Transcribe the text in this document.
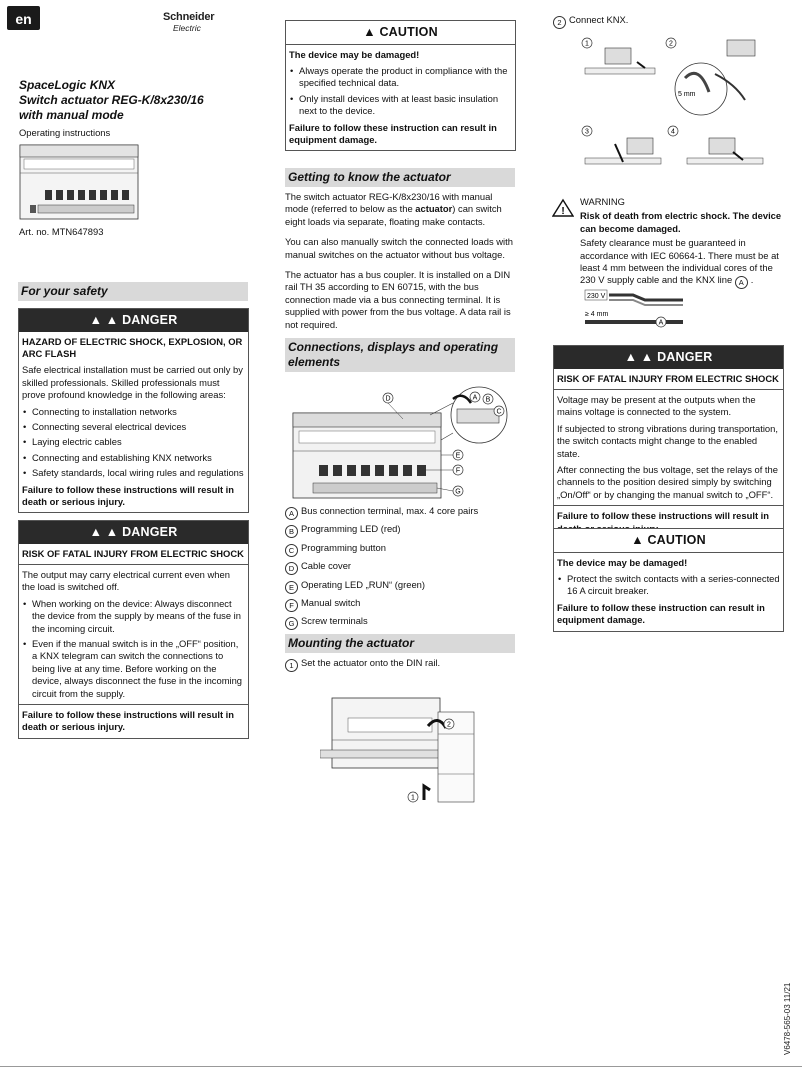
en	Schneider
Electric
SpaceLogic KNX
Switch actuator REG-K/8x230/16
with manual mode
Operating instructions
Art. no. MTN647893
For your safety
▲ ▲ DANGER

HAZARD OF ELECTRIC SHOCK, EXPLOSION, OR ARC FLASH

Safe electrical installation must be carried out only by skilled professionals. Skilled professionals must prove profound knowledge in the following areas:

• Connecting to installation networks
• Connecting several electrical devices
• Laying electric cables
• Connecting and establishing KNX networks
• Safety standards, local wiring rules and regulations

Failure to follow these instructions will result in death or serious injury.

▲ ▲ DANGER

RISK OF FATAL INJURY FROM ELECTRIC SHOCK

The output may carry electrical current even when the load is switched off.

• When working on the device: Always disconnect the device from the supply by means of the fuse in the incoming circuit.
• Even if the manual switch is in the „OFF“ position, a KNX telegram can switch the connections to being live at any time. Before working on the device, always disconnect the fuse in the incoming circuit from the supply.

Failure to follow these instructions will result in death or serious injury.

▲ CAUTION

The device may be damaged!

• Always operate the product in compliance with the specified technical data.
• Only install devices with at least basic insulation next to the device.

Failure to follow these instruction can result in equipment damage.

Getting to know the actuator

The switch actuator REG-K/8x230/16 with manual mode (referred to below as the actuator) can switch eight loads via separate, floating make contacts.

You can also manually switch the connected loads with manual switches on the actuator without bus voltage.

The actuator has a bus coupler. It is installed on a DIN rail TH 35 according to EN 60715, with the bus connection made via a bus connecting terminal. It is supplied with power from the bus voltage. A data rail is not required.

Connections, displays and operating elements
D	A B
C
E
F
G
A Bus connection terminal, max. 4 core pairs
B Programming LED (red)
C Programming button
D Cable cover
E Operating LED „RUN“ (green)
F Manual switch
G Screw terminals
Mounting the actuator
1 Set the actuator onto the DIN rail.
2
1
2 Connect KNX.
1	2
5 mm
3	4
!

WARNING

Risk of death from electric shock. The device can become damaged.

Safety clearance must be guaranteed in accordance with IEC 60664-1. There must be at least 4 mm between the individual cores of the 230 V supply cable and the KNX line A .

230 V
≥ 4 mm
A
▲ ▲ DANGER

RISK OF FATAL INJURY FROM ELECTRIC SHOCK

Voltage may be present at the outputs when the mains voltage is connected to the system.

If subjected to strong vibrations during transportation, the switch contacts might change to the enabled state.

After connecting the bus voltage, set the relays of the channels to the position desired simply by switching „On/Off“ or by changing the manual switch to „OFF“.

Failure to follow these instructions will result in

▲ CAUTION

The device may be damaged!

• Protect the switch contacts with a series-connected 16 A circuit breaker.

Failure to follow these instruction can result in equipment damage.

V6478-565-03 11/21
